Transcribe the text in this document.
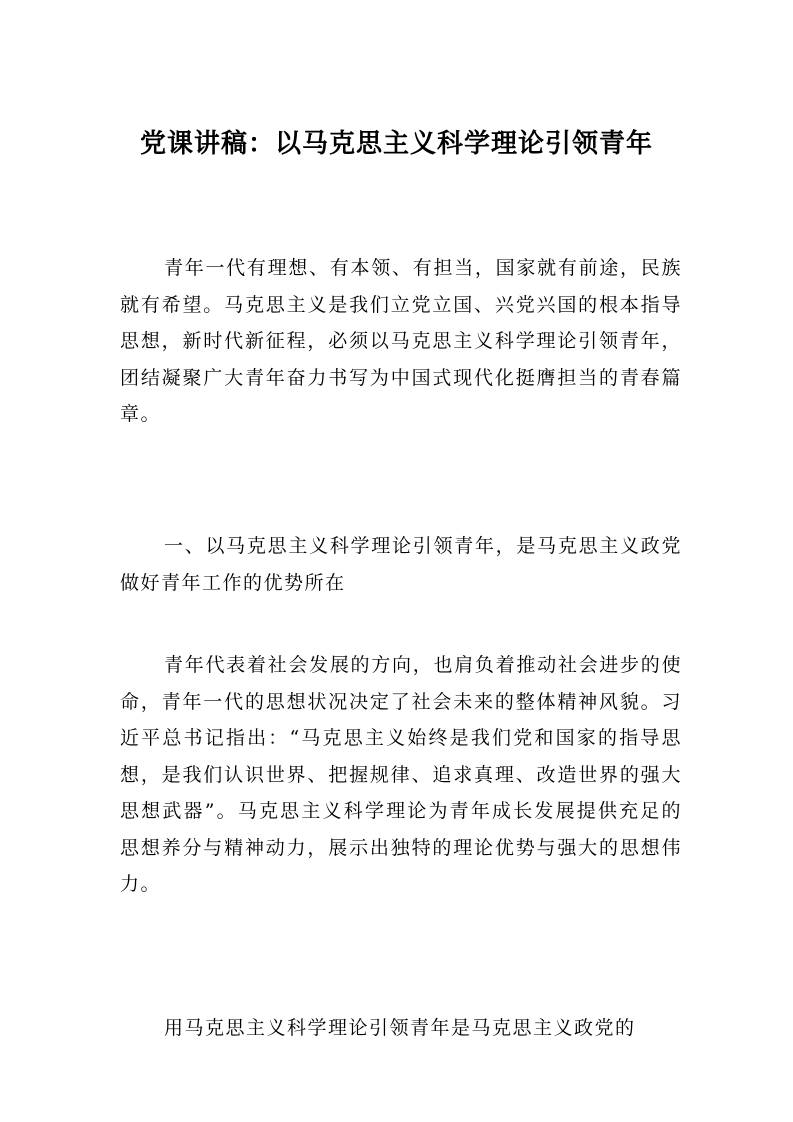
党课讲稿：以马克思主义科学理论引领青年

青年一代有理想、有本领、有担当，国家就有前途，民族就有希望。马克思主义是我们立党立国、兴党兴国的根本指导思想，新时代新征程，必须以马克思主义科学理论引领青年，团结凝聚广大青年奋力书写为中国式现代化挺膺担当的青春篇章。

一、以马克思主义科学理论引领青年，是马克思主义政党做好青年工作的优势所在

青年代表着社会发展的方向，也肩负着推动社会进步的使命，青年一代的思想状况决定了社会未来的整体精神风貌。习近平总书记指出：“马克思主义始终是我们党和国家的指导思想，是我们认识世界、把握规律、追求真理、改造世界的强大思想武器”。马克思主义科学理论为青年成长发展提供充足的思想养分与精神动力，展示出独特的理论优势与强大的思想伟力。

用马克思主义科学理论引领青年是马克思主义政党的
